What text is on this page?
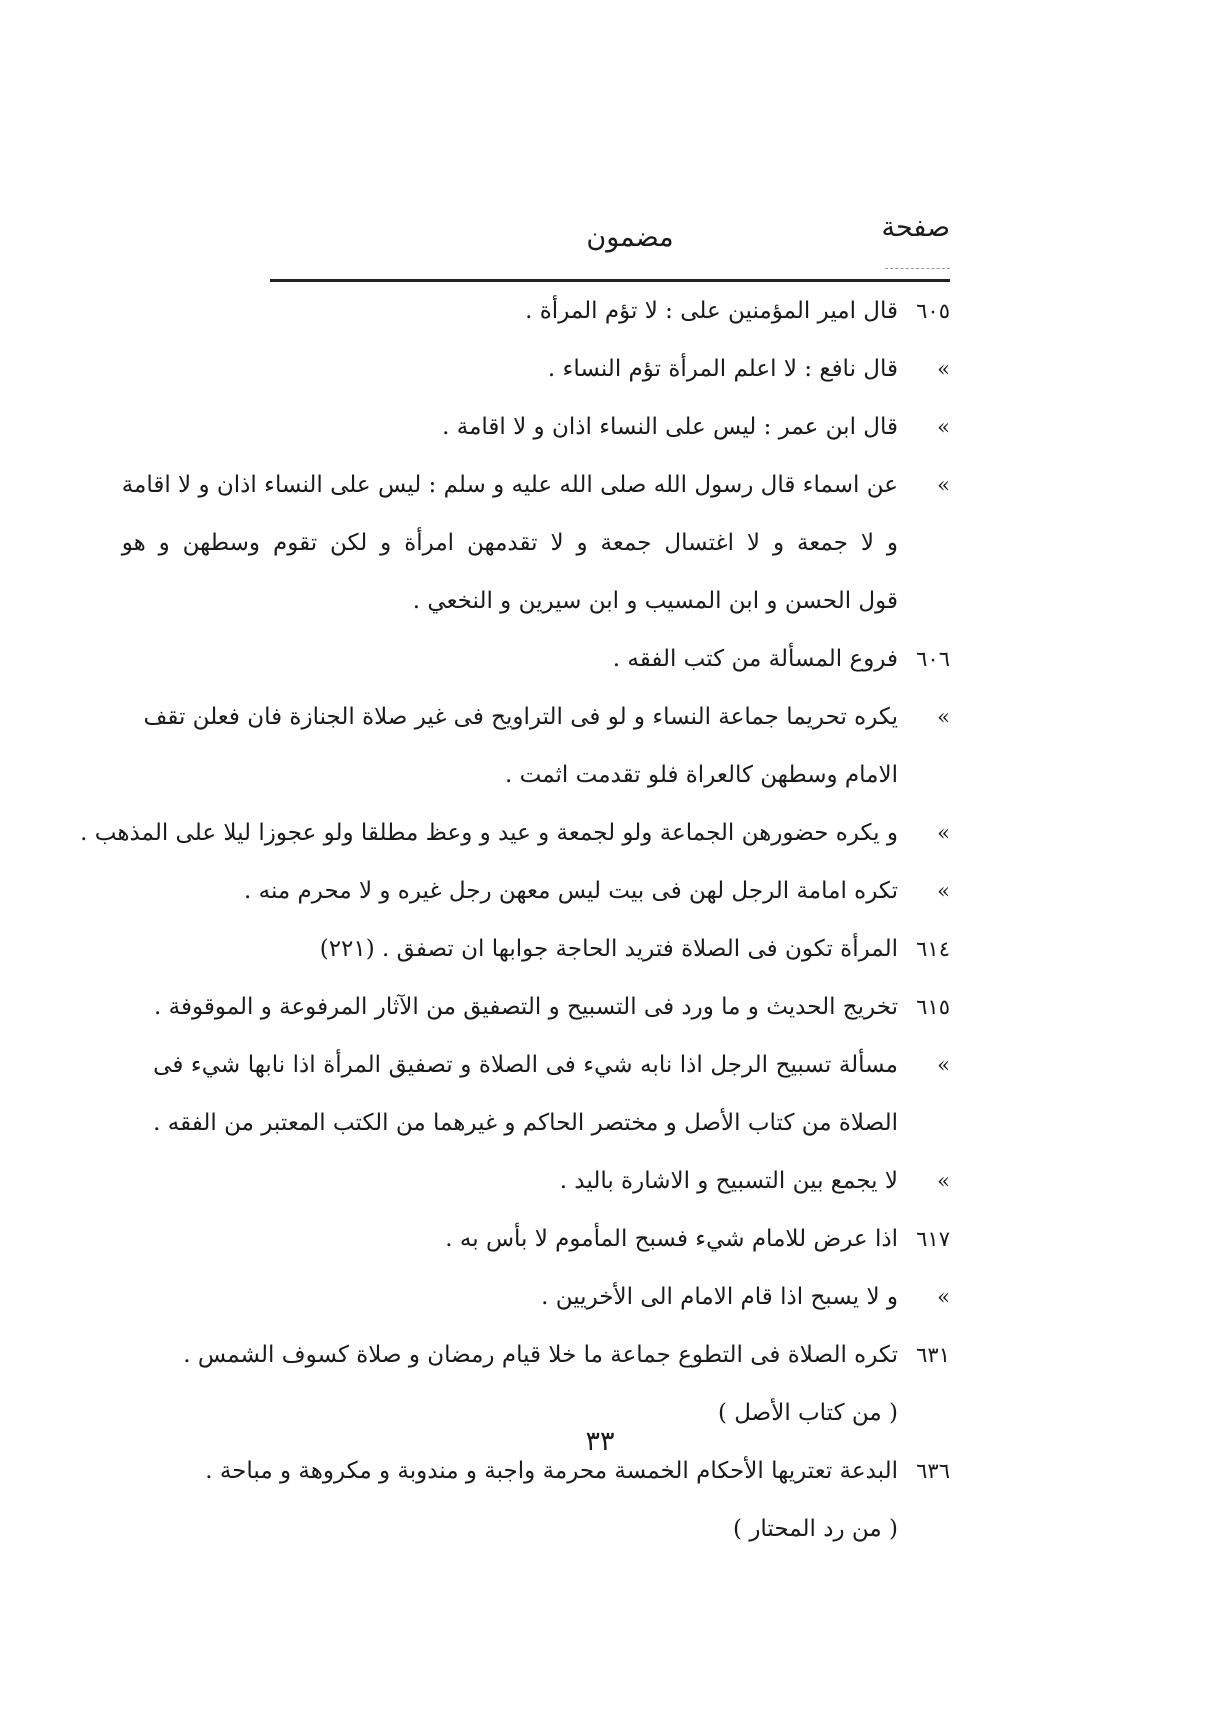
صفحة
مضمون
٦٠٥
قال امير المؤمنين على : لا تؤم المرأة .
»
قال نافع : لا اعلم المرأة تؤم النساء .
»
قال ابن عمر : ليس على النساء اذان و لا اقامة .
»
عن اسماء قال رسول الله صلى الله عليه و سلم : ليس على النساء اذان و لا اقامة
و لا جمعة و لا اغتسال جمعة و لا تقدمهن امرأة و لكن تقوم وسطهن و هو
قول الحسن و ابن المسيب و ابن سيرين و النخعي .
٦٠٦
فروع المسألة من كتب الفقه .
»
يكره تحريما جماعة النساء و لو فى التراويح فى غير صلاة الجنازة فان فعلن تقف
الامام وسطهن كالعراة فلو تقدمت اثمت .
»
و يكره حضورهن الجماعة ولو لجمعة و عيد و وعظ مطلقا ولو عجوزا ليلا على المذهب .
»
تكره امامة الرجل لهن فى بيت ليس معهن رجل غيره و لا محرم منه .
٦١٤
المرأة تكون فى الصلاة فتريد الحاجة جوابها ان تصفق . (٢٢١)
٦١٥
تخريج الحديث و ما ورد فى التسبيح و التصفيق من الآثار المرفوعة و الموقوفة .
»
مسألة تسبيح الرجل اذا نابه شيء فى الصلاة و تصفيق المرأة اذا نابها شيء فى
الصلاة من كتاب الأصل و مختصر الحاكم و غيرهما من الكتب المعتبر من الفقه .
»
لا يجمع بين التسبيح و الاشارة باليد .
٦١٧
اذا عرض للامام شيء فسبح المأموم لا بأس به .
»
و لا يسبح اذا قام الامام الى الأخريين .
٦٣١
تكره الصلاة فى التطوع جماعة ما خلا قيام رمضان و صلاة كسوف الشمس .
( من كتاب الأصل )
٦٣٦
البدعة تعتريها الأحكام الخمسة محرمة واجبة و مندوبة و مكروهة و مباحة .
( من رد المحتار )
٣٣
